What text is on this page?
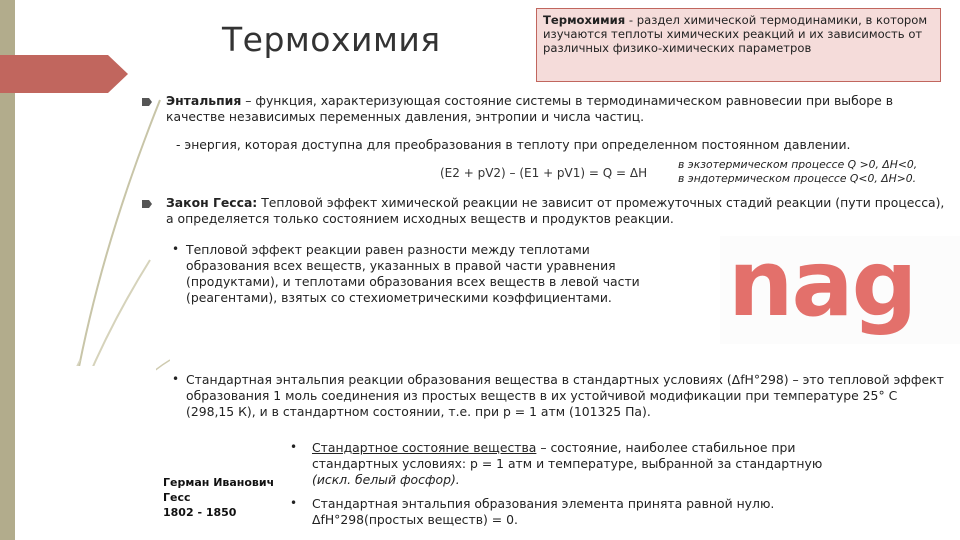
Термохимия	Термохимия - раздел химической термодинамики, в котором изучаются теплоты химических реакций и их зависимость от различных физико-химических параметров
Энтальпия – функция, характеризующая состояние системы в термодинамическом равновесии при выборе в качестве независимых переменных давления, энтропии и числа частиц.
- энергия, которая доступна для преобразования в теплоту при определенном постоянном давлении.
(E2 + pV2) – (E1 + pV1) = Q = ΔH
в экзотермическом процессе Q >0, ΔH<0,
в эндотермическом процессе Q<0, ΔH>0.
Закон Гесса: Тепловой эффект химической реакции не зависит от промежуточных стадий реакции (пути процесса), а определяется только состоянием исходных веществ и продуктов реакции.
• Тепловой эффект реакции равен разности между теплотами образования всех веществ, указанных в правой части уравнения (продуктами), и теплотами образования всех веществ в левой части (реагентами), взятых со стехиометрическими коэффициентами.	nag
• Стандартная энтальпия реакции образования вещества в стандартных условиях (ΔfH°298) – это тепловой эффект образования 1 моль соединения из простых веществ в их устойчивой модификации при температуре 25° С (298,15 К), и в стандартном состоянии, т.е. при p = 1 атм (101325 Па).
• Стандартное состояние вещества – состояние, наиболее стабильное при стандартных условиях: p = 1 атм и температуре, выбранной за стандартную (искл. белый фосфор).
• Стандартная энтальпия образования элемента принята равной нулю.
ΔfH°298(простых веществ) = 0.
Герман Иванович
Гесс
1802 - 1850
